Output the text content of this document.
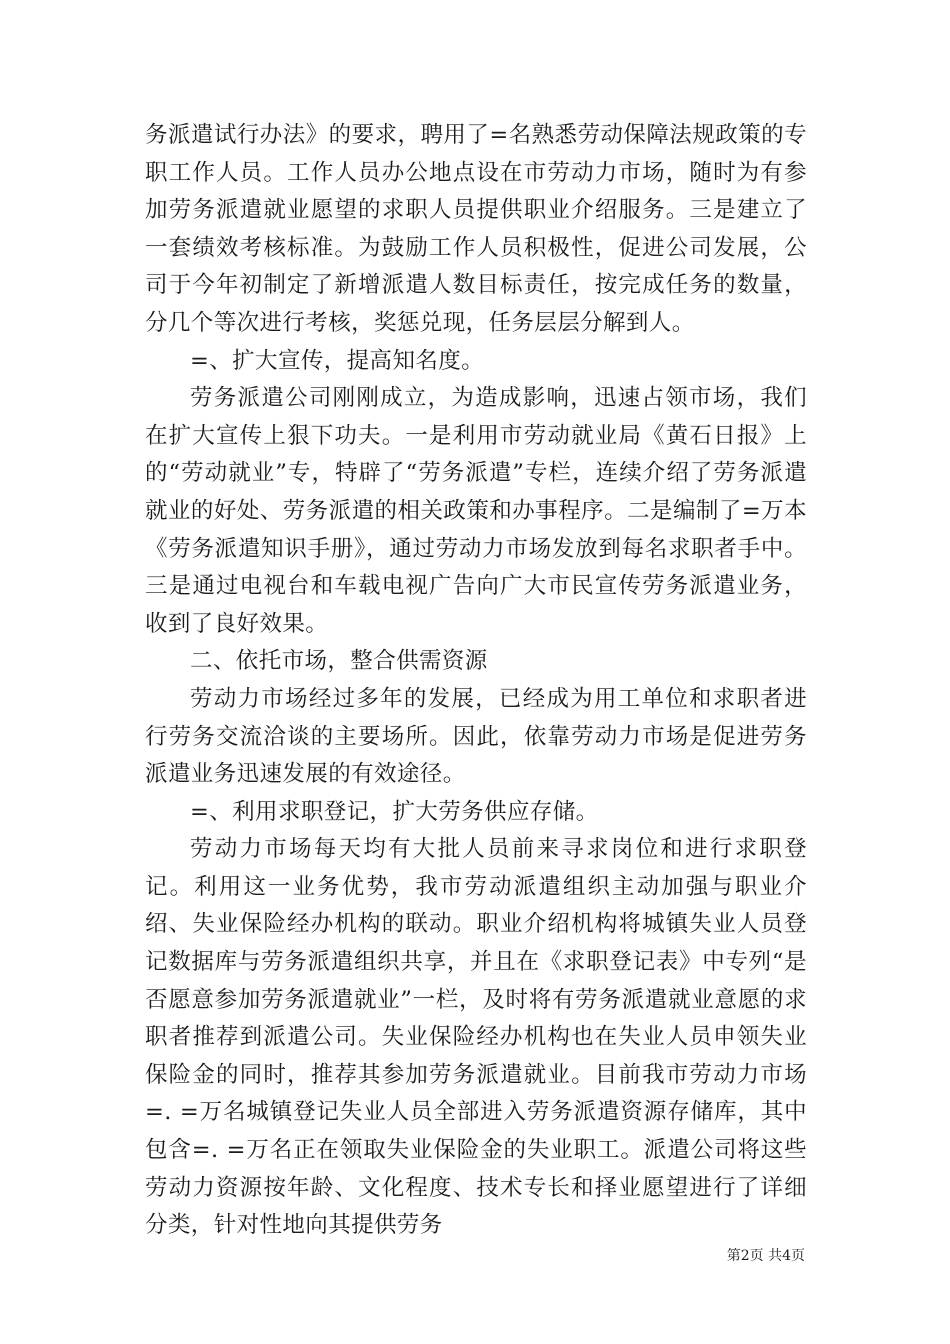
务派遣试行办法》的要求，聘用了=名熟悉劳动保障法规政策的专职工作人员。工作人员办公地点设在市劳动力市场，随时为有参加劳务派遣就业愿望的求职人员提供职业介绍服务。三是建立了一套绩效考核标准。为鼓励工作人员积极性，促进公司发展，公司于今年初制定了新增派遣人数目标责任，按完成任务的数量，分几个等次进行考核，奖惩兑现，任务层层分解到人。

=、扩大宣传，提高知名度。

劳务派遣公司刚刚成立，为造成影响，迅速占领市场，我们在扩大宣传上狠下功夫。一是利用市劳动就业局《黄石日报》上的“劳动就业”专，特辟了“劳务派遣”专栏，连续介绍了劳务派遣就业的好处、劳务派遣的相关政策和办事程序。二是编制了=万本《劳务派遣知识手册》，通过劳动力市场发放到每名求职者手中。三是通过电视台和车载电视广告向广大市民宣传劳务派遣业务，收到了良好效果。

二、依托市场，整合供需资源

劳动力市场经过多年的发展，已经成为用工单位和求职者进行劳务交流洽谈的主要场所。因此，依靠劳动力市场是促进劳务派遣业务迅速发展的有效途径。

=、利用求职登记，扩大劳务供应存储。

劳动力市场每天均有大批人员前来寻求岗位和进行求职登记。利用这一业务优势，我市劳动派遣组织主动加强与职业介绍、失业保险经办机构的联动。职业介绍机构将城镇失业人员登记数据库与劳务派遣组织共享，并且在《求职登记表》中专列“是否愿意参加劳务派遣就业”一栏，及时将有劳务派遣就业意愿的求职者推荐到派遣公司。失业保险经办机构也在失业人员申领失业保险金的同时，推荐其参加劳务派遣就业。目前我市劳动力市场=. =万名城镇登记失业人员全部进入劳务派遣资源存储库，其中包含=. =万名正在领取失业保险金的失业职工。派遣公司将这些劳动力资源按年龄、文化程度、技术专长和择业愿望进行了详细分类，针对性地向其提供劳务

第2页 共4页
